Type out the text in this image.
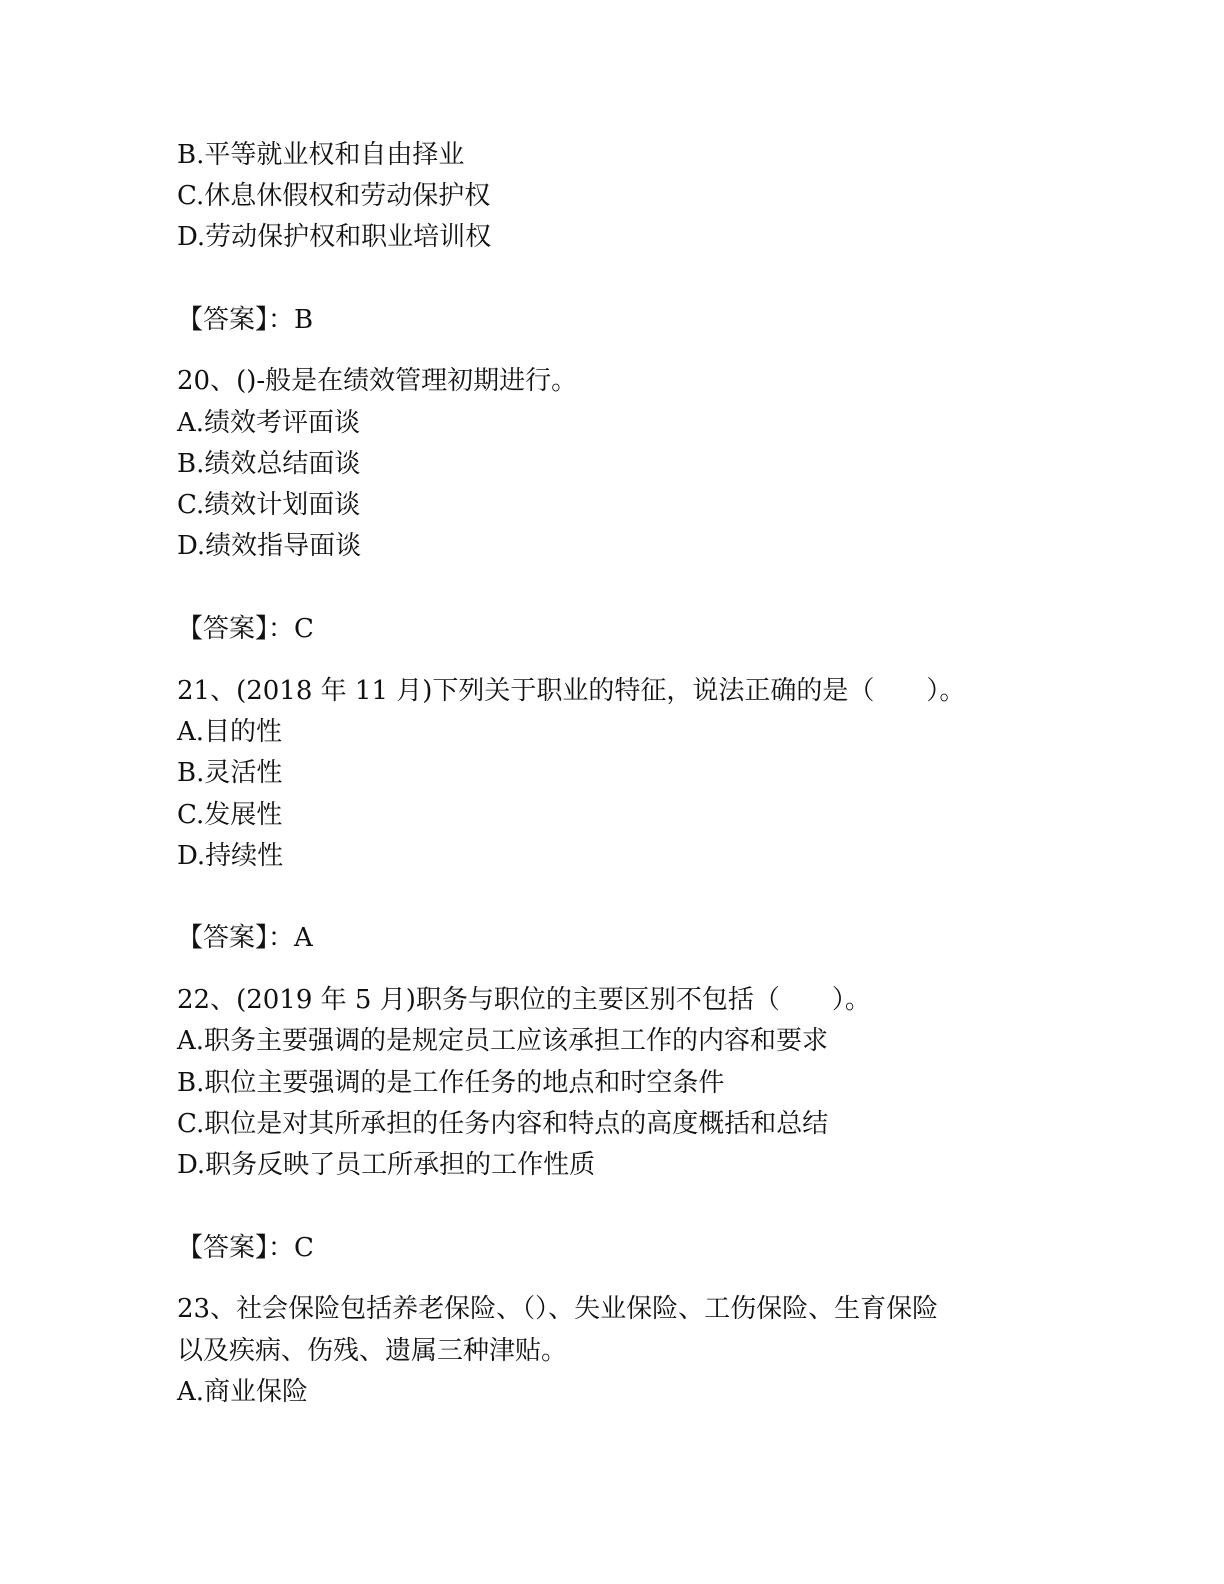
B.平等就业权和自由择业
C.休息休假权和劳动保护权
D.劳动保护权和职业培训权
【答案】：B
20、()-般是在绩效管理初期进行。
A.绩效考评面谈
B.绩效总结面谈
C.绩效计划面谈
D.绩效指导面谈
【答案】：C
21、(2018 年 11 月)下列关于职业的特征，说法正确的是（　　）。
A.目的性
B.灵活性
C.发展性
D.持续性
【答案】：A
22、(2019 年 5 月)职务与职位的主要区别不包括（　　）。
A.职务主要强调的是规定员工应该承担工作的内容和要求
B.职位主要强调的是工作任务的地点和时空条件
C.职位是对其所承担的任务内容和特点的高度概括和总结
D.职务反映了员工所承担的工作性质
【答案】：C
23、社会保险包括养老保险、（）、失业保险、工伤保险、生育保险
以及疾病、伤残、遗属三种津贴。
A.商业保险
